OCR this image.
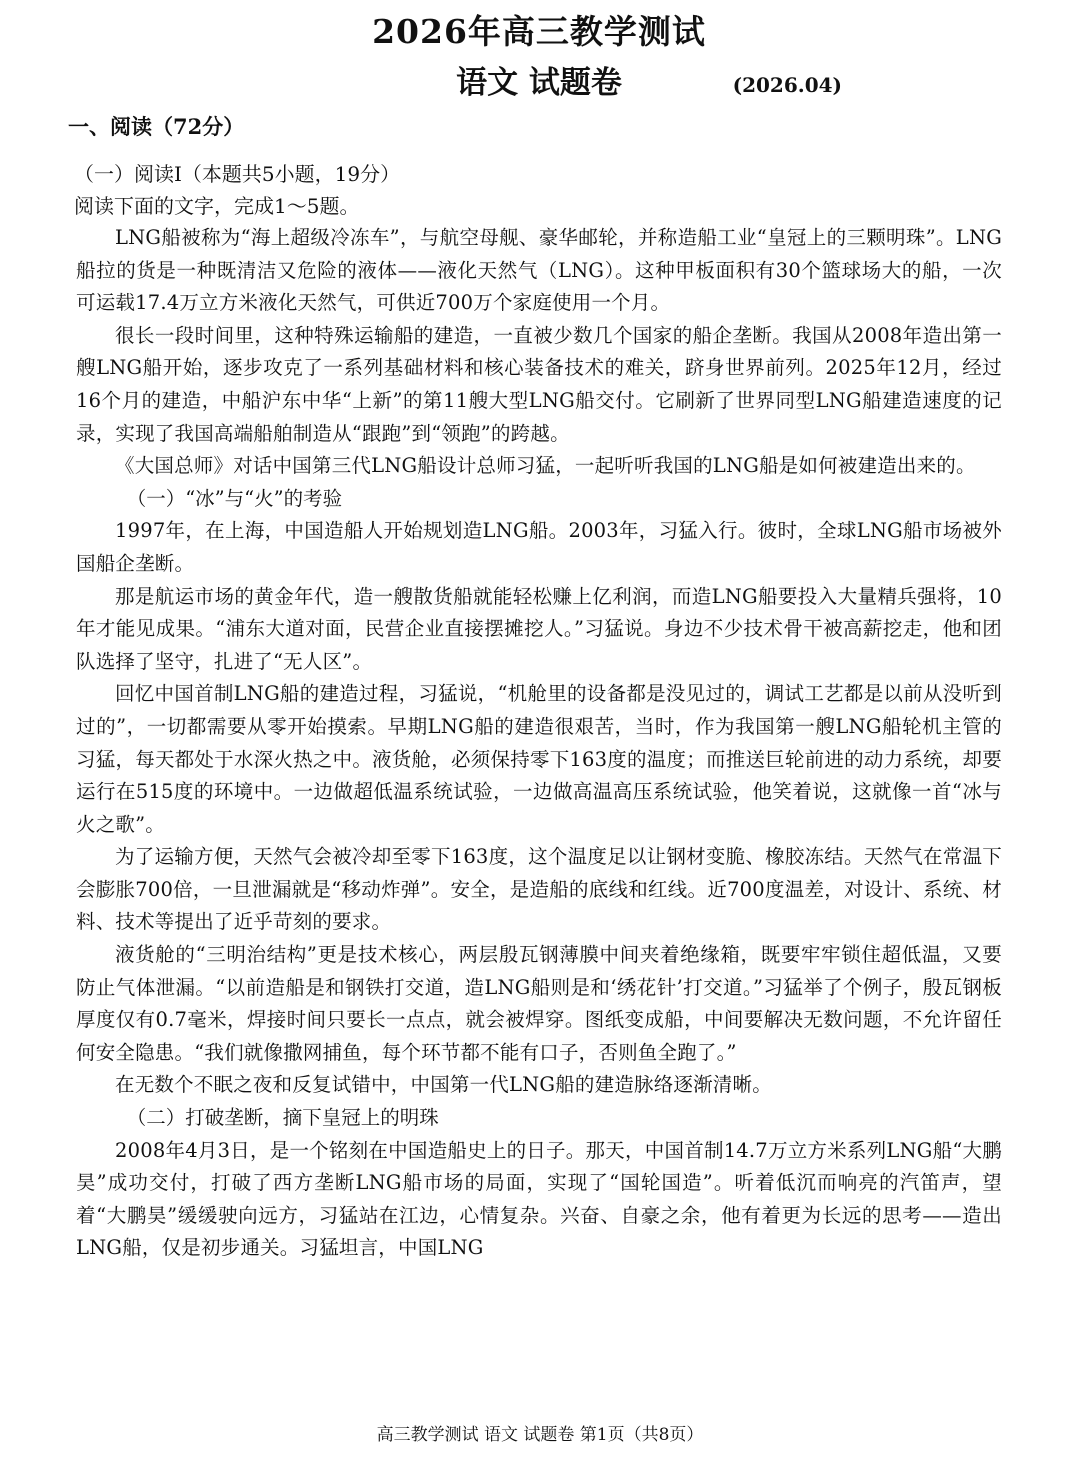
2026年高三教学测试
语文 试题卷	(2026.04)
一、阅读（72分）
（一）阅读I（本题共5小题，19分）
阅读下面的文字，完成1～5题。

LNG船被称为“海上超级冷冻车”，与航空母舰、豪华邮轮，并称造船工业“皇冠上的三颗明珠”。LNG船拉的货是一种既清洁又危险的液体——液化天然气（LNG）。这种甲板面积有30个篮球场大的船，一次可运载17.4万立方米液化天然气，可供近700万个家庭使用一个月。

很长一段时间里，这种特殊运输船的建造，一直被少数几个国家的船企垄断。我国从2008年造出第一艘LNG船开始，逐步攻克了一系列基础材料和核心装备技术的难关，跻身世界前列。2025年12月，经过16个月的建造，中船沪东中华“上新”的第11艘大型LNG船交付。它刷新了世界同型LNG船建造速度的记录，实现了我国高端船舶制造从“跟跑”到“领跑”的跨越。

《大国总师》对话中国第三代LNG船设计总师习猛，一起听听我国的LNG船是如何被建造出来的。

（一）“冰”与“火”的考验

1997年，在上海，中国造船人开始规划造LNG船。2003年，习猛入行。彼时，全球LNG船市场被外国船企垄断。

那是航运市场的黄金年代，造一艘散货船就能轻松赚上亿利润，而造LNG船要投入大量精兵强将，10年才能见成果。“浦东大道对面，民营企业直接摆摊挖人。”习猛说。身边不少技术骨干被高薪挖走，他和团队选择了坚守，扎进了“无人区”。

回忆中国首制LNG船的建造过程，习猛说，“机舱里的设备都是没见过的，调试工艺都是以前从没听到过的”，一切都需要从零开始摸索。早期LNG船的建造很艰苦，当时，作为我国第一艘LNG船轮机主管的习猛，每天都处于水深火热之中。液货舱，必须保持零下163度的温度；而推送巨轮前进的动力系统，却要运行在515度的环境中。一边做超低温系统试验，一边做高温高压系统试验，他笑着说，这就像一首“冰与火之歌”。

为了运输方便，天然气会被冷却至零下163度，这个温度足以让钢材变脆、橡胶冻结。天然气在常温下会膨胀700倍，一旦泄漏就是“移动炸弹”。安全，是造船的底线和红线。近700度温差，对设计、系统、材料、技术等提出了近乎苛刻的要求。

液货舱的“三明治结构”更是技术核心，两层殷瓦钢薄膜中间夹着绝缘箱，既要牢牢锁住超低温，又要防止气体泄漏。“以前造船是和钢铁打交道，造LNG船则是和‘绣花针’打交道。”习猛举了个例子，殷瓦钢板厚度仅有0.7毫米，焊接时间只要长一点点，就会被焊穿。图纸变成船，中间要解决无数问题，不允许留任何安全隐患。“我们就像撒网捕鱼，每个环节都不能有口子，否则鱼全跑了。”

在无数个不眠之夜和反复试错中，中国第一代LNG船的建造脉络逐渐清晰。

（二）打破垄断，摘下皇冠上的明珠

2008年4月3日，是一个铭刻在中国造船史上的日子。那天，中国首制14.7万立方米系列LNG船“大鹏昊”成功交付，打破了西方垄断LNG船市场的局面，实现了“国轮国造”。听着低沉而响亮的汽笛声，望着“大鹏昊”缓缓驶向远方，习猛站在江边，心情复杂。兴奋、自豪之余，他有着更为长远的思考——造出LNG船，仅是初步通关。习猛坦言，中国LNG

高三教学测试 语文 试题卷 第1页（共8页）
